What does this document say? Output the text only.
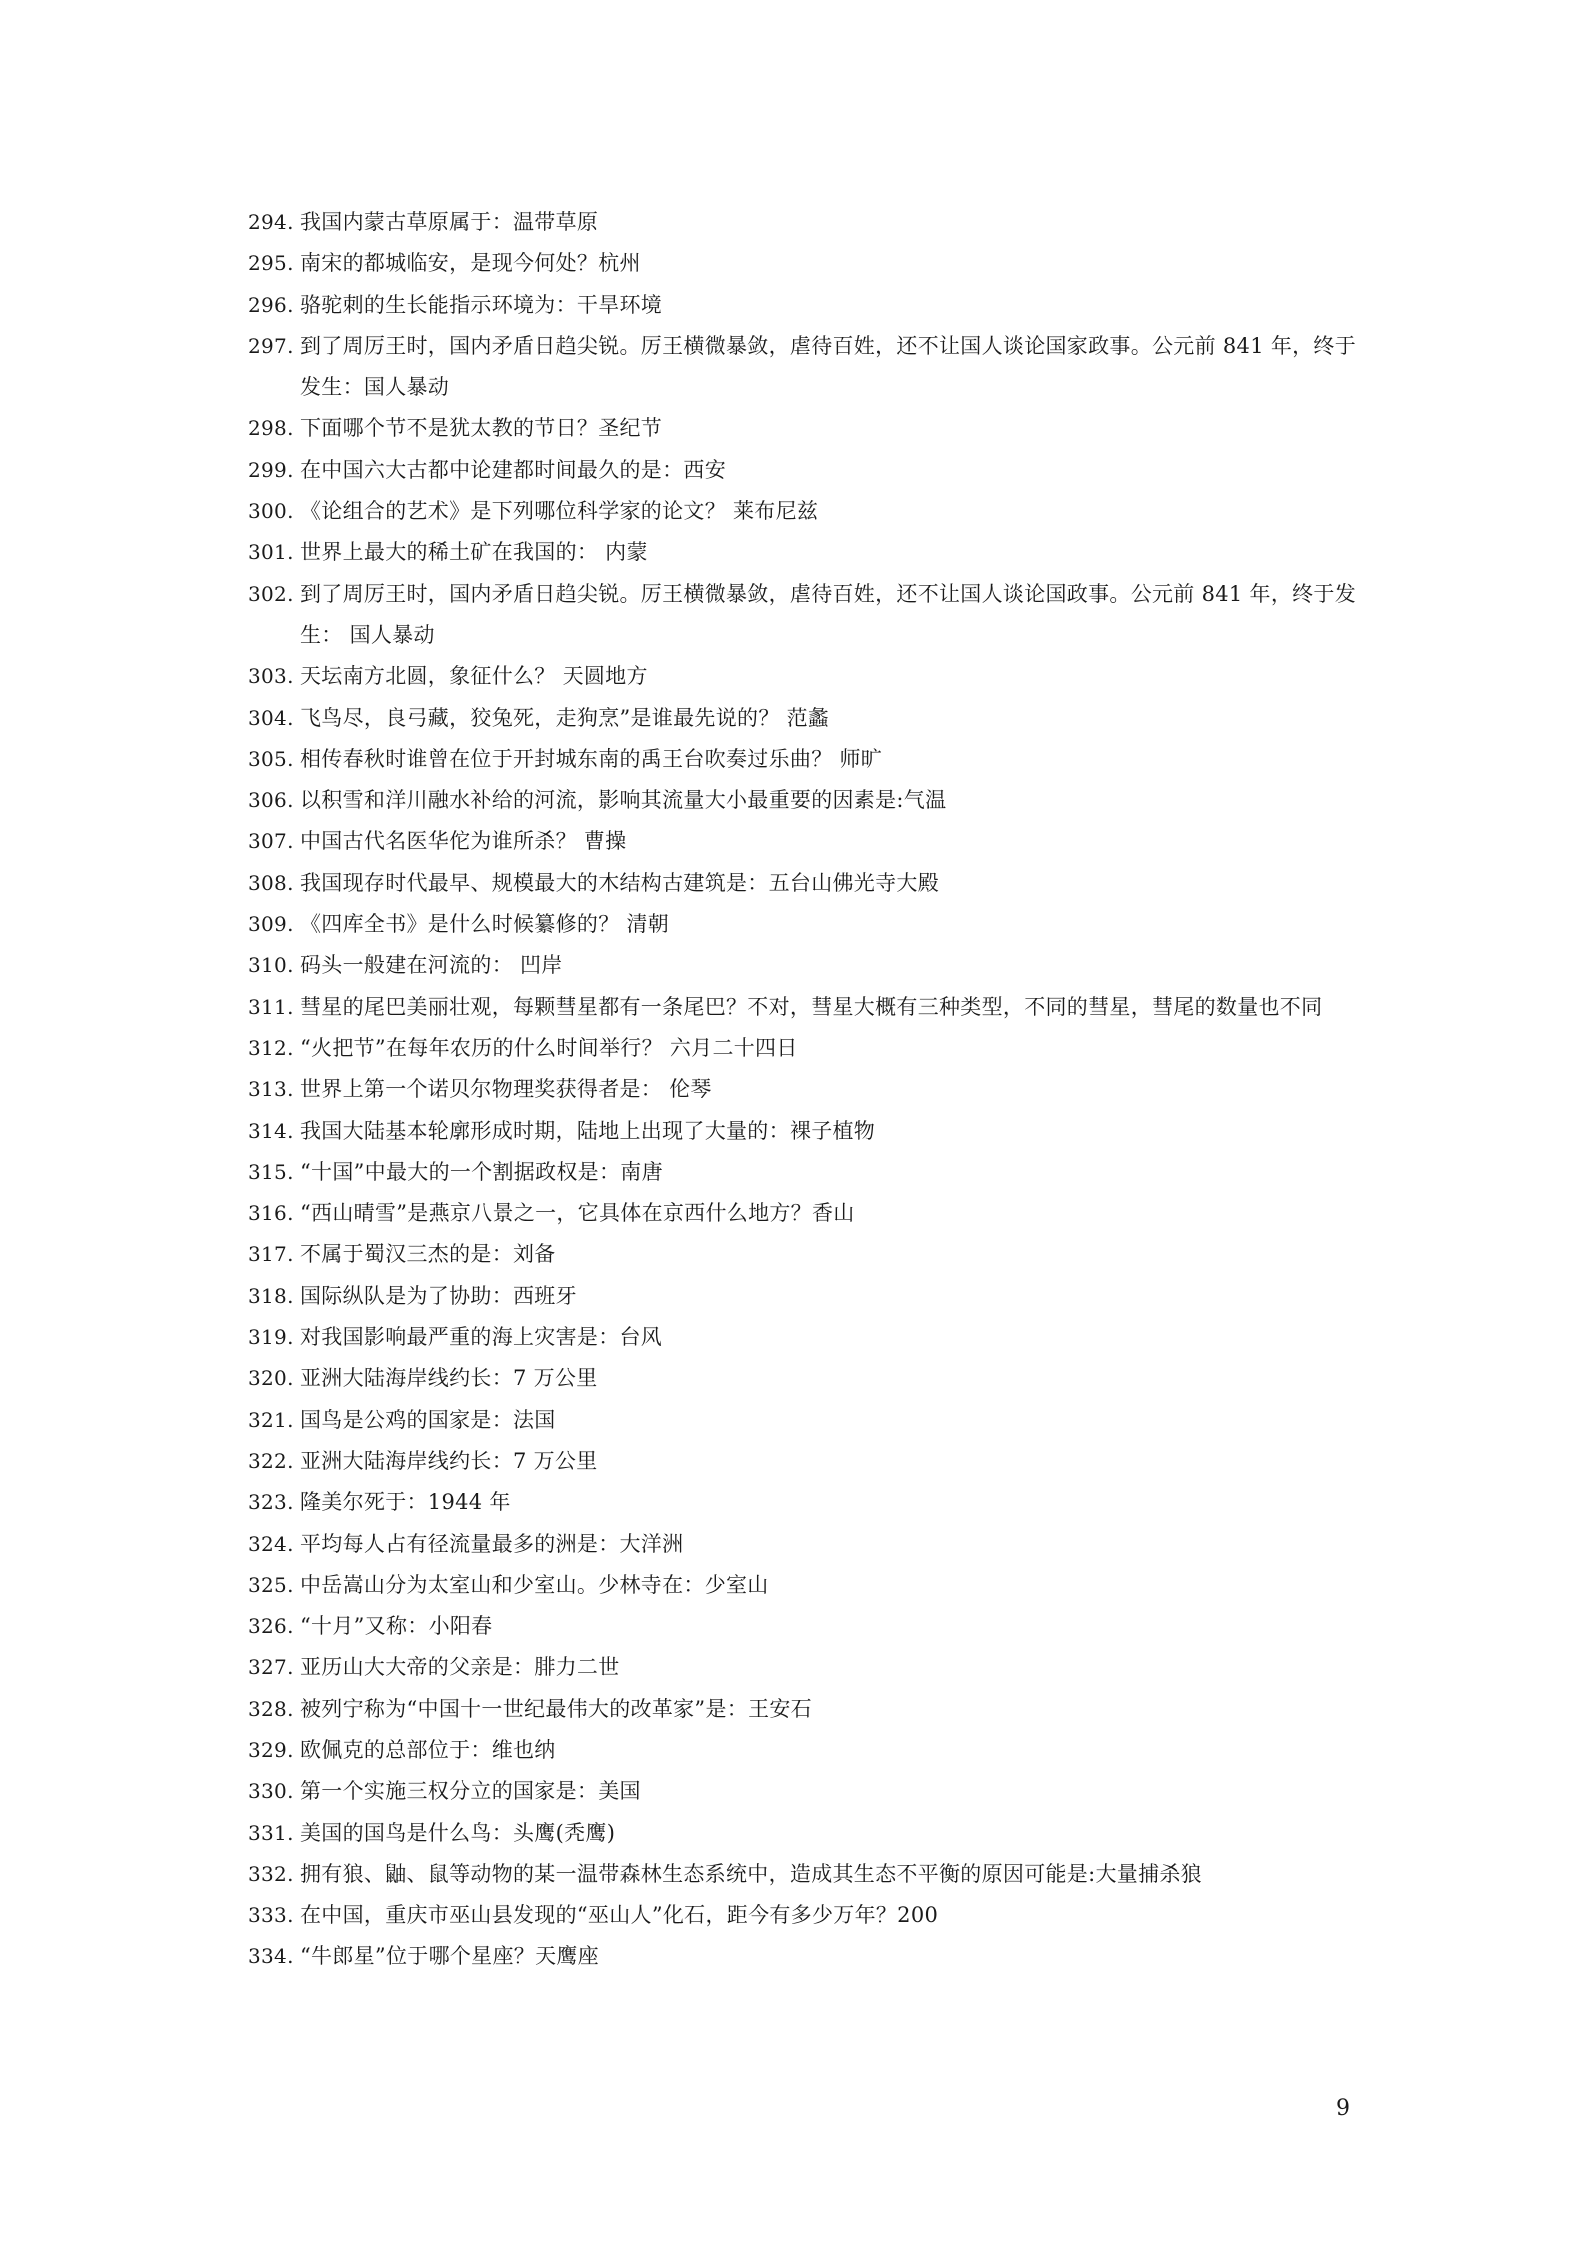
294. 我国内蒙古草原属于：温带草原
295. 南宋的都城临安，是现今何处？杭州
296. 骆驼刺的生长能指示环境为：干旱环境
297. 到了周厉王时，国内矛盾日趋尖锐。厉王横微暴敛，虐待百姓，还不让国人谈论国家政事。公元前 841 年，终于发生：国人暴动
298. 下面哪个节不是犹太教的节日？圣纪节
299. 在中国六大古都中论建都时间最久的是：西安
300. 《论组合的艺术》是下列哪位科学家的论文？ 莱布尼兹
301. 世界上最大的稀土矿在我国的： 内蒙
302. 到了周厉王时，国内矛盾日趋尖锐。厉王横微暴敛，虐待百姓，还不让国人谈论国政事。公元前 841 年，终于发生： 国人暴动
303. 天坛南方北圆，象征什么？ 天圆地方
304. 飞鸟尽，良弓藏，狡兔死，走狗烹”是谁最先说的？ 范蠡
305. 相传春秋时谁曾在位于开封城东南的禹王台吹奏过乐曲？ 师旷
306. 以积雪和洋川融水补给的河流，影响其流量大小最重要的因素是:气温
307. 中国古代名医华佗为谁所杀？ 曹操
308. 我国现存时代最早、规模最大的木结构古建筑是：五台山佛光寺大殿
309. 《四库全书》是什么时候纂修的？ 清朝
310. 码头一般建在河流的： 凹岸
311. 彗星的尾巴美丽壮观，每颗彗星都有一条尾巴？不对，彗星大概有三种类型，不同的彗星，彗尾的数量也不同
312. “火把节”在每年农历的什么时间举行？ 六月二十四日
313. 世界上第一个诺贝尔物理奖获得者是： 伦琴
314. 我国大陆基本轮廓形成时期，陆地上出现了大量的：裸子植物
315. “十国”中最大的一个割据政权是：南唐
316. “西山晴雪”是燕京八景之一，它具体在京西什么地方？香山
317. 不属于蜀汉三杰的是：刘备
318. 国际纵队是为了协助：西班牙
319. 对我国影响最严重的海上灾害是：台风
320. 亚洲大陆海岸线约长：7 万公里
321. 国鸟是公鸡的国家是：法国
322. 亚洲大陆海岸线约长：7 万公里
323. 隆美尔死于：1944 年
324. 平均每人占有径流量最多的洲是：大洋洲
325. 中岳嵩山分为太室山和少室山。少林寺在：少室山
326. “十月”又称：小阳春
327. 亚历山大大帝的父亲是：腓力二世
328. 被列宁称为“中国十一世纪最伟大的改革家”是：王安石
329. 欧佩克的总部位于：维也纳
330. 第一个实施三权分立的国家是：美国
331. 美国的国鸟是什么鸟：头鹰(秃鹰)
332. 拥有狼、鼬、鼠等动物的某一温带森林生态系统中，造成其生态不平衡的原因可能是:大量捕杀狼
333. 在中国，重庆市巫山县发现的“巫山人”化石，距今有多少万年？200
334. “牛郎星”位于哪个星座？天鹰座
9
